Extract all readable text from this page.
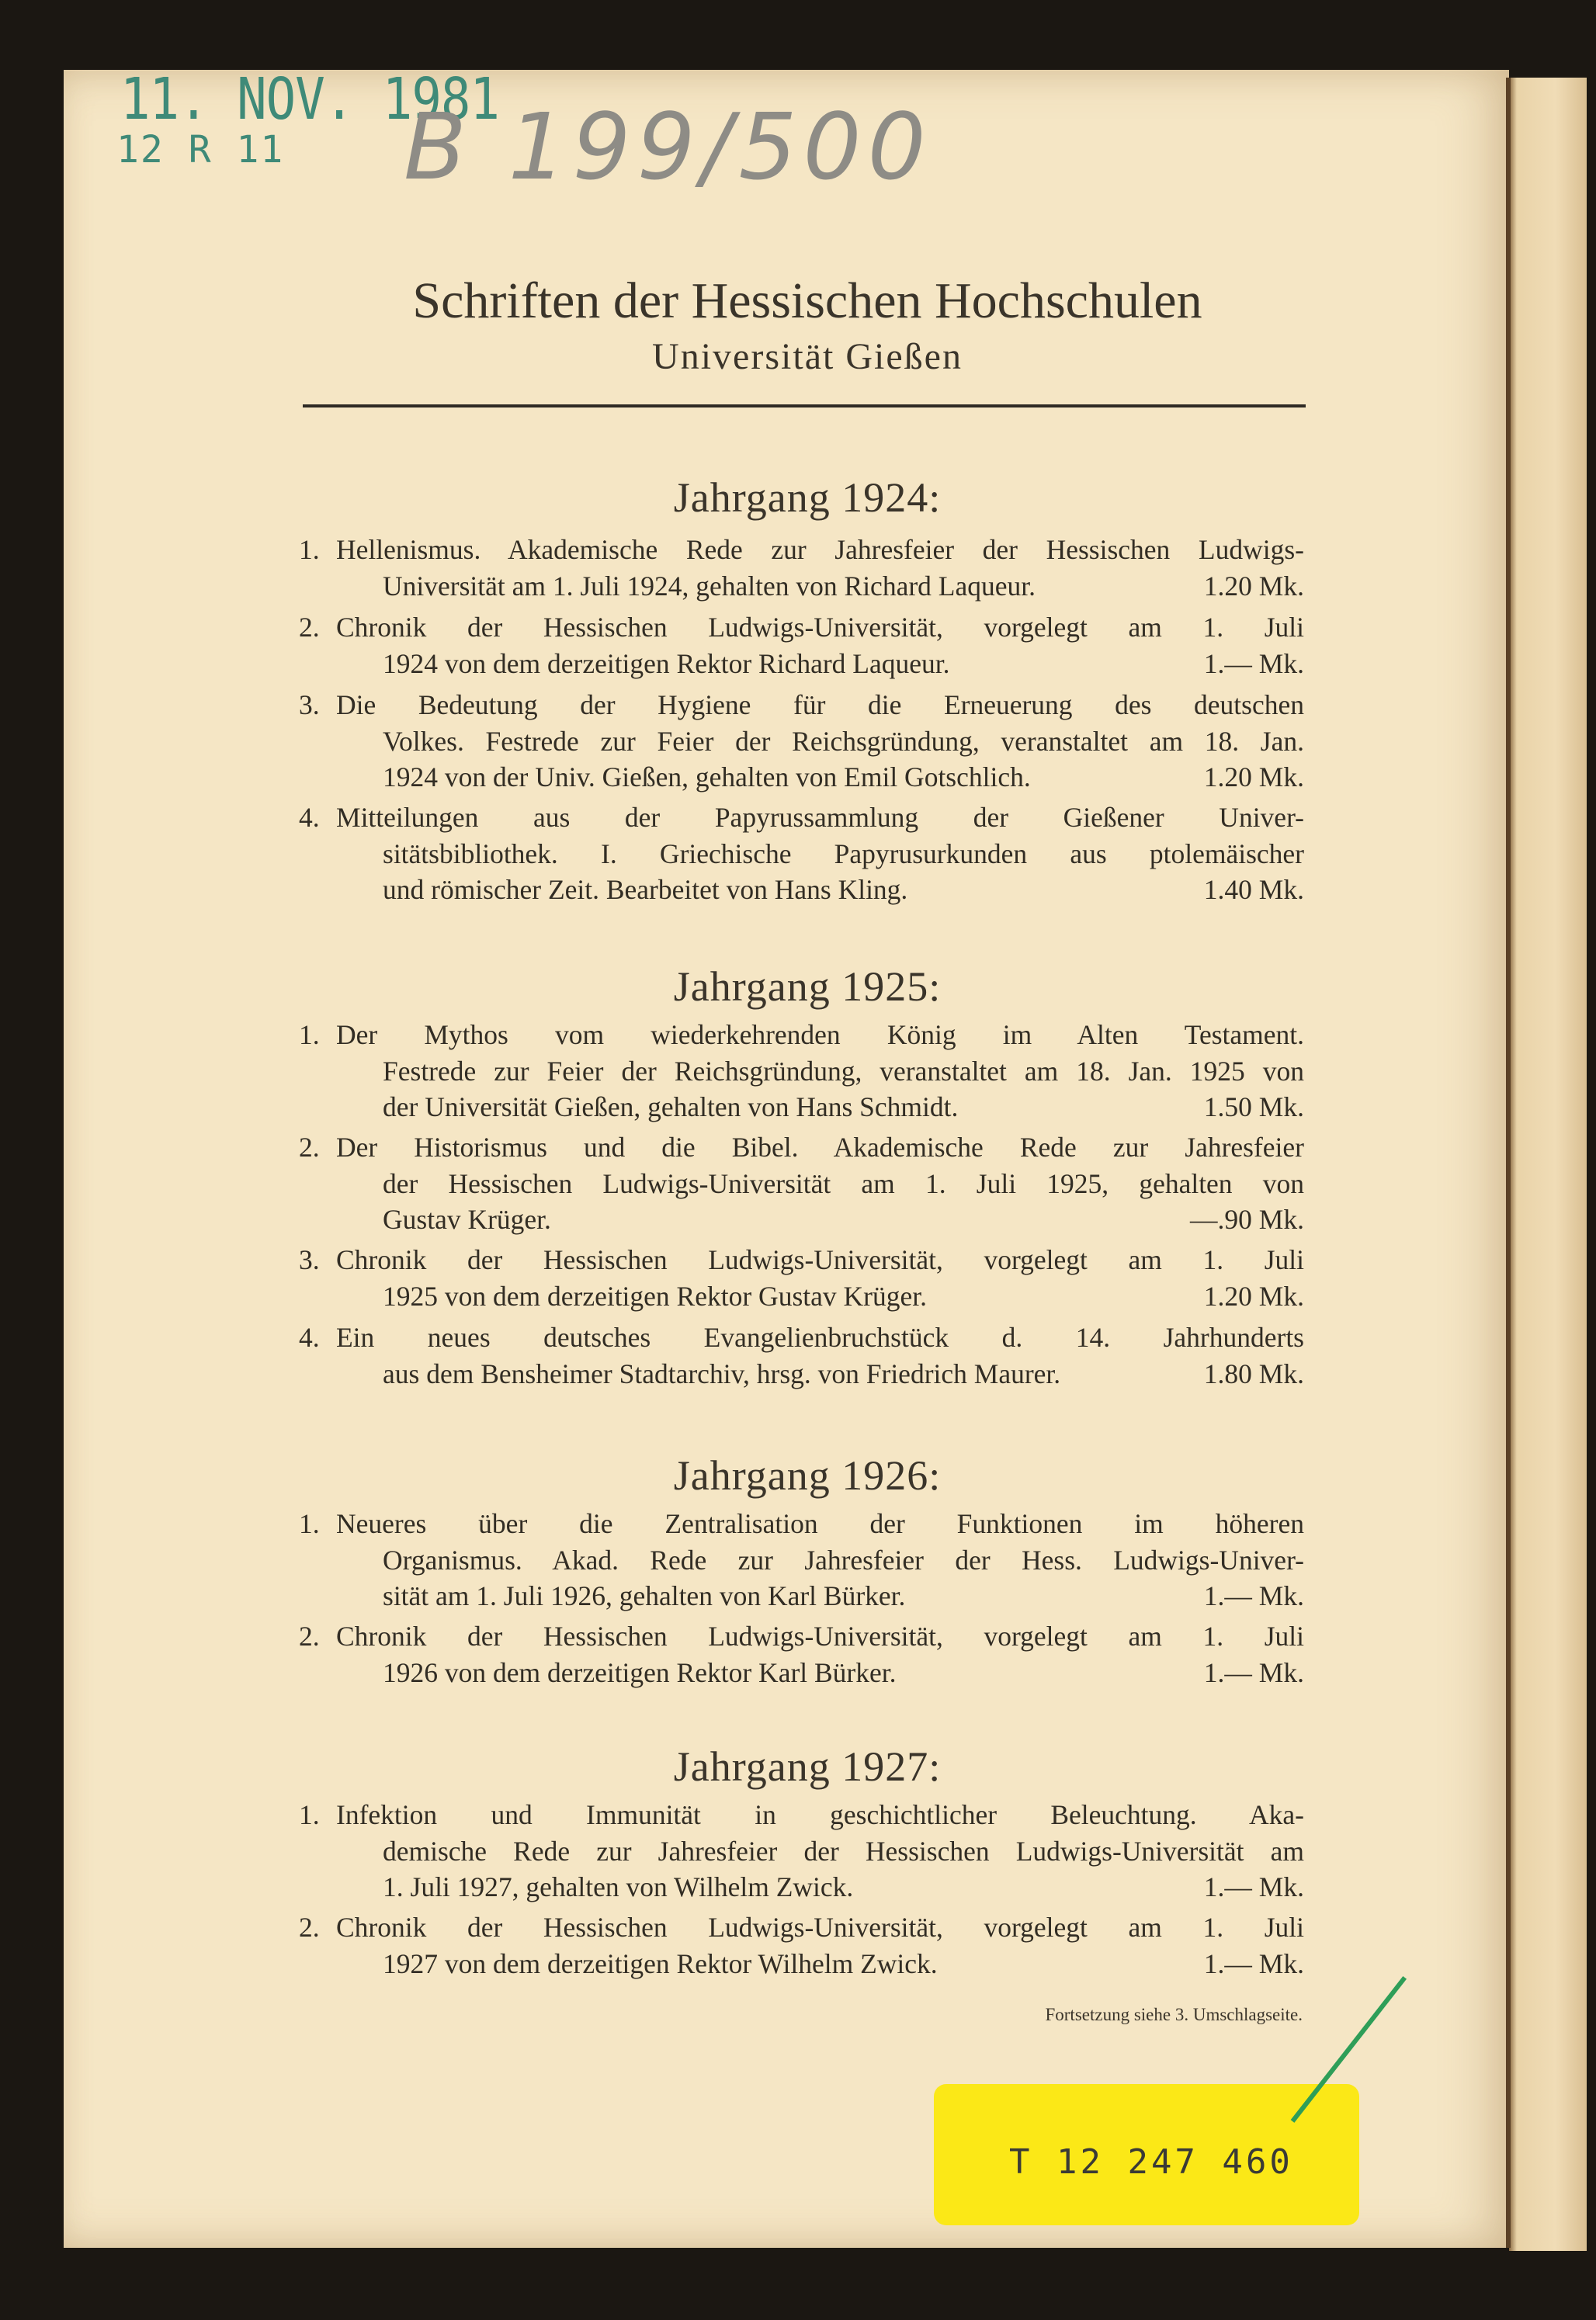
11. NOV. 1981
12 R 11 B 199/500
Schriften der Hessischen Hochschulen
Universität Gießen
Jahrgang 1924:
1. Hellenismus. Akademische Rede zur Jahresfeier der Hessischen Ludwigs-
Universität am 1. Juli 1924, gehalten von Richard Laqueur.	1.20 Mk.
2. Chronik der Hessischen Ludwigs-Universität, vorgelegt am 1. Juli
1924 von dem derzeitigen Rektor Richard Laqueur.	1.— Mk.
3. Die Bedeutung der Hygiene für die Erneuerung des deutschen
Volkes. Festrede zur Feier der Reichsgründung, veranstaltet am 18. Jan.
1924 von der Univ. Gießen, gehalten von Emil Gotschlich.	1.20 Mk.
4. Mitteilungen aus der Papyrussammlung der Gießener Univer-
sitätsbibliothek. I. Griechische Papyrusurkunden aus ptolemäischer
und römischer Zeit. Bearbeitet von Hans Kling.	1.40 Mk.
Jahrgang 1925:
1. Der Mythos vom wiederkehrenden König im Alten Testament.
Festrede zur Feier der Reichsgründung, veranstaltet am 18. Jan. 1925 von
der Universität Gießen, gehalten von Hans Schmidt.	1.50 Mk.
2. Der Historismus und die Bibel. Akademische Rede zur Jahresfeier
der Hessischen Ludwigs-Universität am 1. Juli 1925, gehalten von
Gustav Krüger.	—.90 Mk.
3. Chronik der Hessischen Ludwigs-Universität, vorgelegt am 1. Juli
1925 von dem derzeitigen Rektor Gustav Krüger.	1.20 Mk.
4. Ein neues deutsches Evangelienbruchstück d. 14. Jahrhunderts
aus dem Bensheimer Stadtarchiv, hrsg. von Friedrich Maurer.	1.80 Mk.
Jahrgang 1926:
1. Neueres über die Zentralisation der Funktionen im höheren
Organismus. Akad. Rede zur Jahresfeier der Hess. Ludwigs-Univer-
sität am 1. Juli 1926, gehalten von Karl Bürker.	1.— Mk.
2. Chronik der Hessischen Ludwigs-Universität, vorgelegt am 1. Juli
1926 von dem derzeitigen Rektor Karl Bürker.	1.— Mk.
Jahrgang 1927:
1. Infektion und Immunität in geschichtlicher Beleuchtung. Aka-
demische Rede zur Jahresfeier der Hessischen Ludwigs-Universität am
1. Juli 1927, gehalten von Wilhelm Zwick.	1.— Mk.
2. Chronik der Hessischen Ludwigs-Universität, vorgelegt am 1. Juli
1927 von dem derzeitigen Rektor Wilhelm Zwick.	1.— Mk.
Fortsetzung siehe 3. Umschlagseite.
T 12 247 460
